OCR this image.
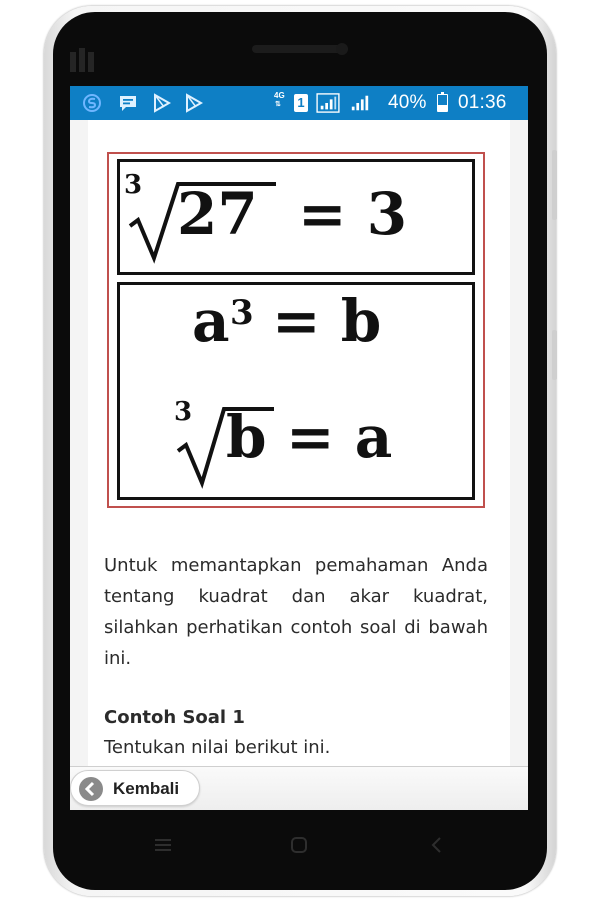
4G
⇅ 1	40% 01:36
3 27 = 3
a 3 = b
3 b = a

Untuk memantapkan pemahaman Anda tentang kuadrat dan akar kuadrat, silahkan perhatikan contoh soal di bawah ini.

Contoh Soal 1
Tentukan nilai berikut ini.
Kembali
